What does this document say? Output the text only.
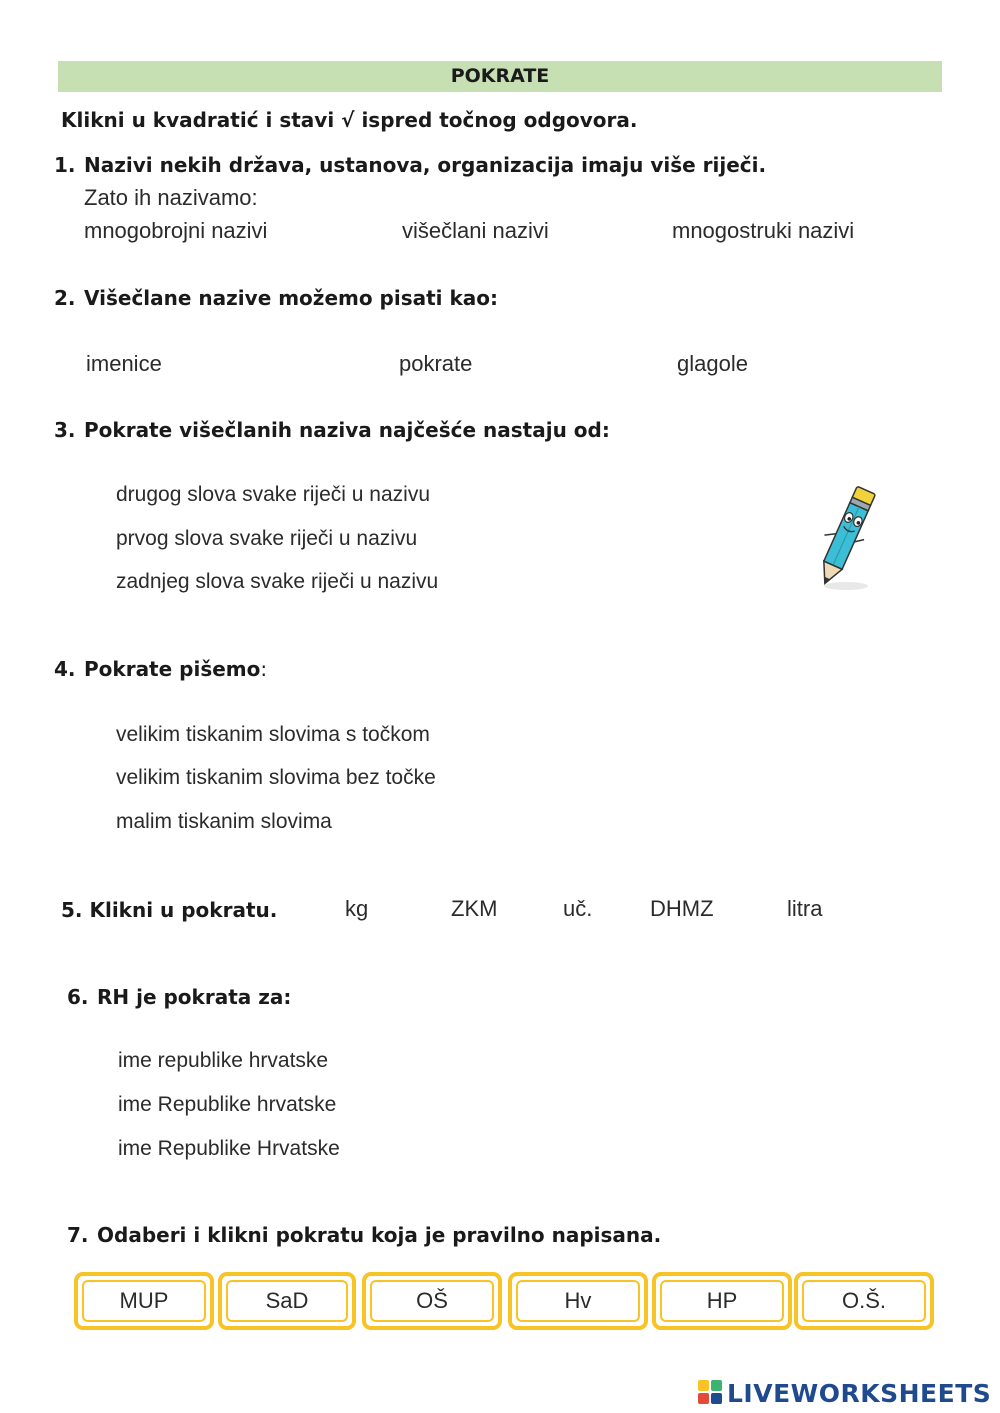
POKRATE
Klikni u kvadratić i stavi √ ispred točnog odgovora.
1. Nazivi nekih država, ustanova, organizacija imaju više riječi.
Zato ih nazivamo:
mnogobrojni nazivi	višečlani nazivi	mnogostruki nazivi
2. Višečlane nazive možemo pisati kao:
imenice	pokrate	glagole
3. Pokrate višečlanih naziva najčešće nastaju od:
drugog slova svake riječi u nazivu
prvog slova svake riječi u nazivu
zadnjeg slova svake riječi u nazivu
4. Pokrate pišemo:
velikim tiskanim slovima s točkom
velikim tiskanim slovima bez točke
malim tiskanim slovima
5. Klikni u pokratu.	kg	ZKM	uč.	DHMZ	litra
6. RH je pokrata za:
ime republike hrvatske
ime Republike hrvatske
ime Republike Hrvatske
7. Odaberi i klikni pokratu koja je pravilno napisana.
MUP	SaD	OŠ	Hv	HP	O.Š.
LIVEWORKSHEETS
